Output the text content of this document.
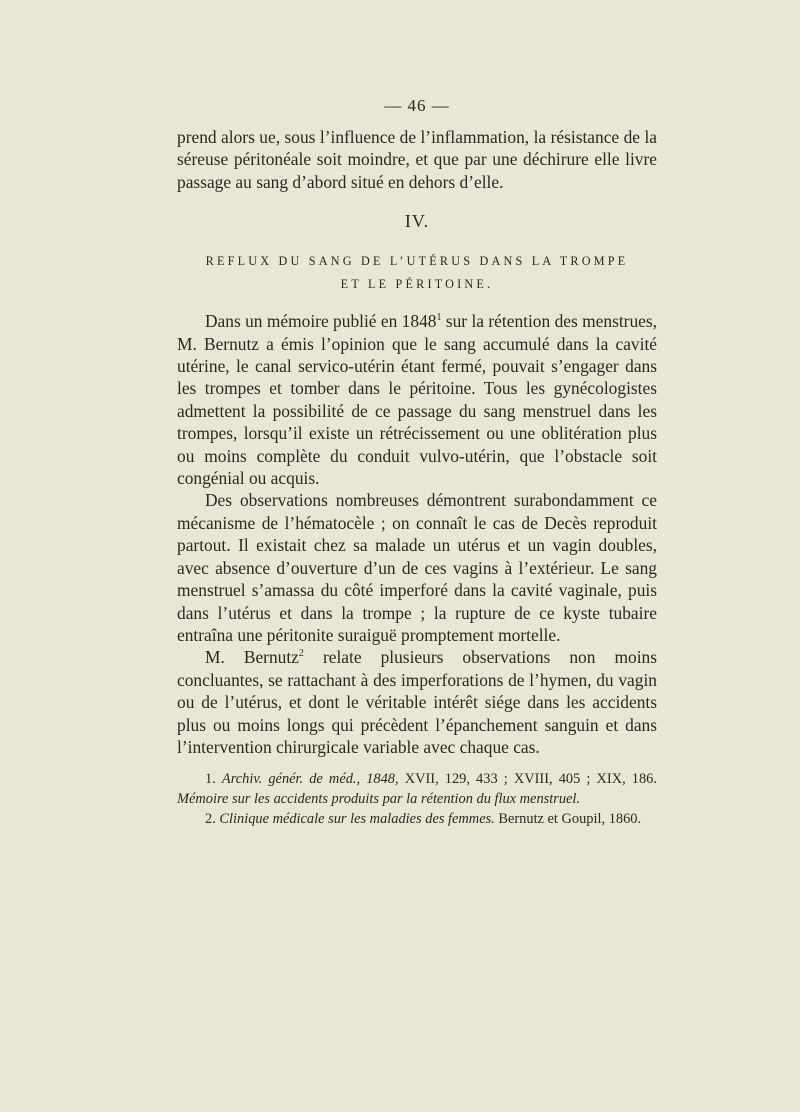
— 46 —

prend alors ue, sous l’influence de l’inflammation, la résistance de la séreuse péritonéale soit moindre, et que par une déchirure elle livre passage au sang d’abord situé en dehors d’elle.

IV.
REFLUX DU SANG DE L’UTÉRUS DANS LA TROMPE
ET LE PÉRITOINE.

Dans un mémoire publié en 1848$^1$ sur la rétention des menstrues, M. Bernutz a émis l’opinion que le sang accumulé dans la cavité utérine, le canal servico-utérin étant fermé, pouvait s’engager dans les trompes et tomber dans le péritoine. Tous les gynécologistes admettent la possibilité de ce passage du sang menstruel dans les trompes, lorsqu’il existe un rétrécissement ou une oblitération plus ou moins complète du conduit vulvo-utérin, que l’obstacle soit congénial ou acquis.

Des observations nombreuses démontrent surabondamment ce mécanisme de l’hématocèle ; on connaît le cas de Decès reproduit partout. Il existait chez sa malade un utérus et un vagin doubles, avec absence d’ouverture d’un de ces vagins à l’extérieur. Le sang menstruel s’amassa du côté imperforé dans la cavité vaginale, puis dans l’utérus et dans la trompe ; la rupture de ce kyste tubaire entraîna une péritonite suraiguë promptement mortelle.

M. Bernutz$^2$ relate plusieurs observations non moins concluantes, se rattachant à des imperforations de l’hymen, du vagin ou de l’utérus, et dont le véritable intérêt siége dans les accidents plus ou moins longs qui précèdent l’épanchement sanguin et dans l’intervention chirurgicale variable avec chaque cas.

1. Archiv. génér. de méd., 1848, XVII, 129, 433 ; XVIII, 405 ; XIX, 186. Mémoire sur les accidents produits par la rétention du flux menstruel.
2. Clinique médicale sur les maladies des femmes. Bernutz et Goupil, 1860.
